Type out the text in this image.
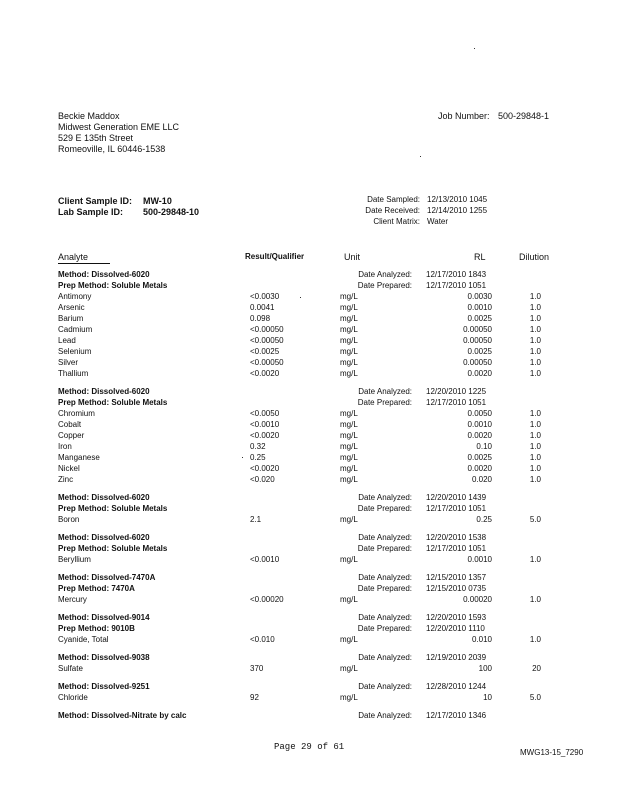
Beckie Maddox
Midwest Generation EME LLC
529 E 135th Street
Romeoville, IL 60446-1538
Job Number: 500-29848-1
Client Sample ID: MW-10
Lab Sample ID: 500-29848-10
Date Sampled: 12/13/2010 1045
Date Received: 12/14/2010 1255
Client Matrix: Water
Analyte	Result/Qualifier	Unit	RL	Dilution
Method: Dissolved-6020	Date Analyzed: 12/17/2010 1843
Prep Method: Soluble Metals	Date Prepared: 12/17/2010 1051
Antimony	<0.0030	mg/L	0.0030	1.0
Arsenic	0.0041	mg/L	0.0010	1.0
Barium	0.098	mg/L	0.0025	1.0
Cadmium	<0.00050	mg/L	0.00050	1.0
Lead	<0.00050	mg/L	0.00050	1.0
Selenium	<0.0025	mg/L	0.0025	1.0
Silver	<0.00050	mg/L	0.00050	1.0
Thallium	<0.0020	mg/L	0.0020	1.0
Method: Dissolved-6020	Date Analyzed: 12/20/2010 1225
Prep Method: Soluble Metals	Date Prepared: 12/17/2010 1051
Chromium	<0.0050	mg/L	0.0050	1.0
Cobalt	<0.0010	mg/L	0.0010	1.0
Copper	<0.0020	mg/L	0.0020	1.0
Iron	0.32	mg/L	0.10	1.0
Manganese	0.25	mg/L	0.0025	1.0
Nickel	<0.0020	mg/L	0.0020	1.0
Zinc	<0.020	mg/L	0.020	1.0
Method: Dissolved-6020	Date Analyzed: 12/20/2010 1439
Prep Method: Soluble Metals	Date Prepared: 12/17/2010 1051
Boron	2.1	mg/L	0.25	5.0
Method: Dissolved-6020	Date Analyzed: 12/20/2010 1538
Prep Method: Soluble Metals	Date Prepared: 12/17/2010 1051
Beryllium	<0.0010	mg/L	0.0010	1.0
Method: Dissolved-7470A	Date Analyzed: 12/15/2010 1357
Prep Method: 7470A	Date Prepared: 12/15/2010 0735
Mercury	<0.00020	mg/L	0.00020	1.0
Method: Dissolved-9014	Date Analyzed: 12/20/2010 1593
Prep Method: 9010B	Date Prepared: 12/20/2010 1110
Cyanide, Total	<0.010	mg/L	0.010	1.0
Method: Dissolved-9038	Date Analyzed: 12/19/2010 2039
Sulfate	370	mg/L	100	20
Method: Dissolved-9251	Date Analyzed: 12/28/2010 1244
Chloride	92	mg/L	10	5.0
Method: Dissolved-Nitrate by calc	Date Analyzed: 12/17/2010 1346
Page 29 of 61
MWG13-15_7290
